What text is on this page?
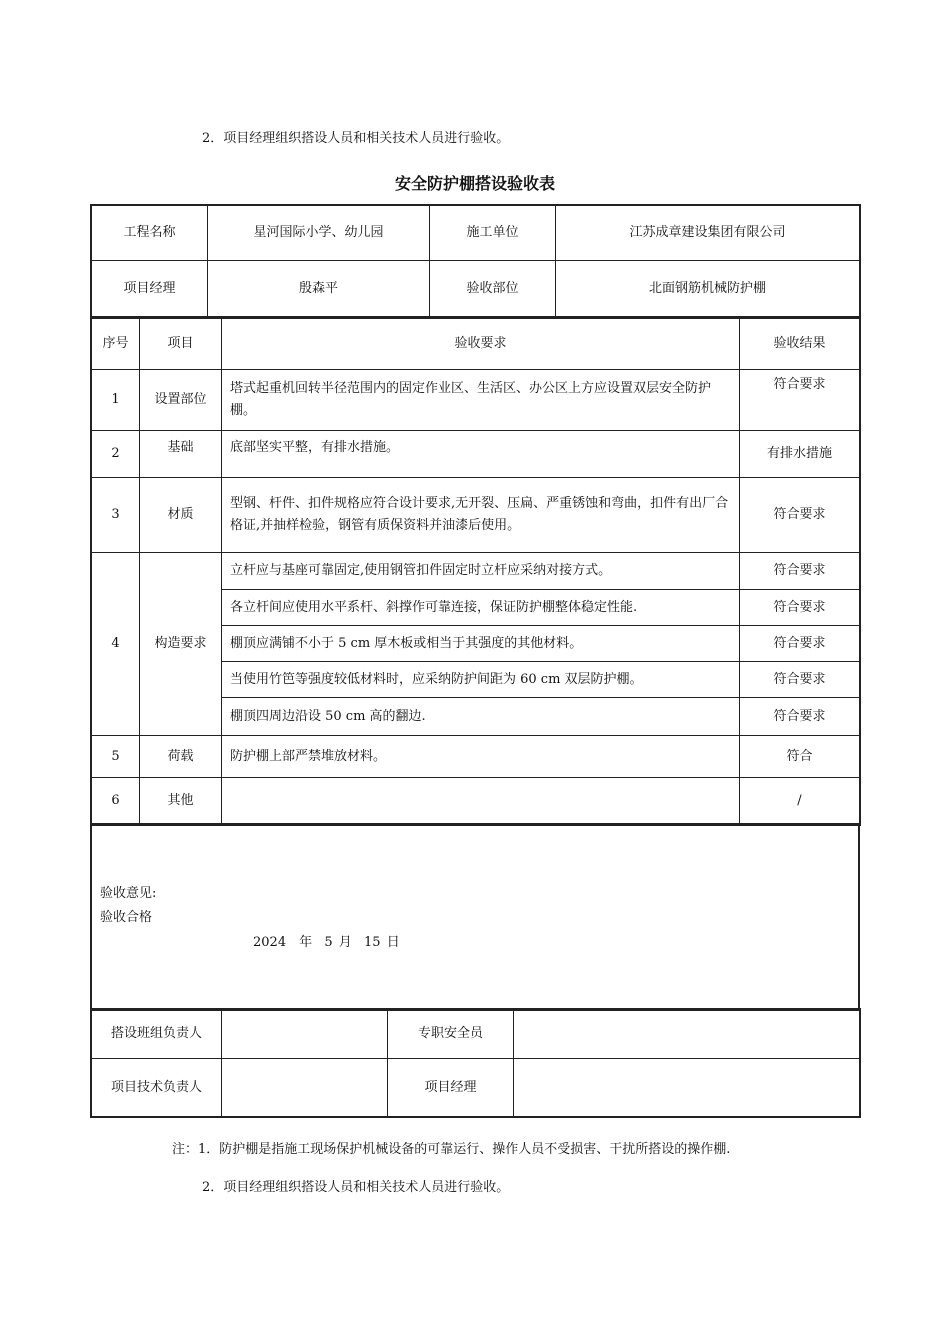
2．项目经理组织搭设人员和相关技术人员进行验收。
安全防护棚搭设验收表
工程名称	星河国际小学、幼儿园	施工单位	江苏成章建设集团有限公司
项目经理	殷森平	验收部位	北面钢筋机械防护棚
序号	项目	验收要求	验收结果
1	设置部位	塔式起重机回转半径范围内的固定作业区、生活区、办公区上方应设置双层安全防护棚。	符合要求
2	基础	底部坚实平整，有排水措施。	有排水措施
3	材质	型钢、杆件、扣件规格应符合设计要求,无开裂、压扁、严重锈蚀和弯曲，扣件有出厂合格证,并抽样检验，钢管有质保资料并油漆后使用。	符合要求
4	构造要求	立杆应与基座可靠固定,使用钢管扣件固定时立杆应采纳对接方式。	符合要求
		各立杆间应使用水平系杆、斜撑作可靠连接，保证防护棚整体稳定性能.	符合要求
		棚顶应满铺不小于 5 cm 厚木板或相当于其强度的其他材料。	符合要求
		当使用竹笆等强度较低材料时，应采纳防护间距为 60 cm 双层防护棚。	符合要求
		棚顶四周边沿设 50 cm 高的翻边.	符合要求
5	荷载	防护棚上部严禁堆放材料。	符合
6	其他		/
验收意见:
验收合格
2024　年  5 月  15 日
搭设班组负责人		专职安全员	
项目技术负责人		项目经理	
注：1．防护棚是指施工现场保护机械设备的可靠运行、操作人员不受损害、干扰所搭设的操作棚.
2．项目经理组织搭设人员和相关技术人员进行验收。
